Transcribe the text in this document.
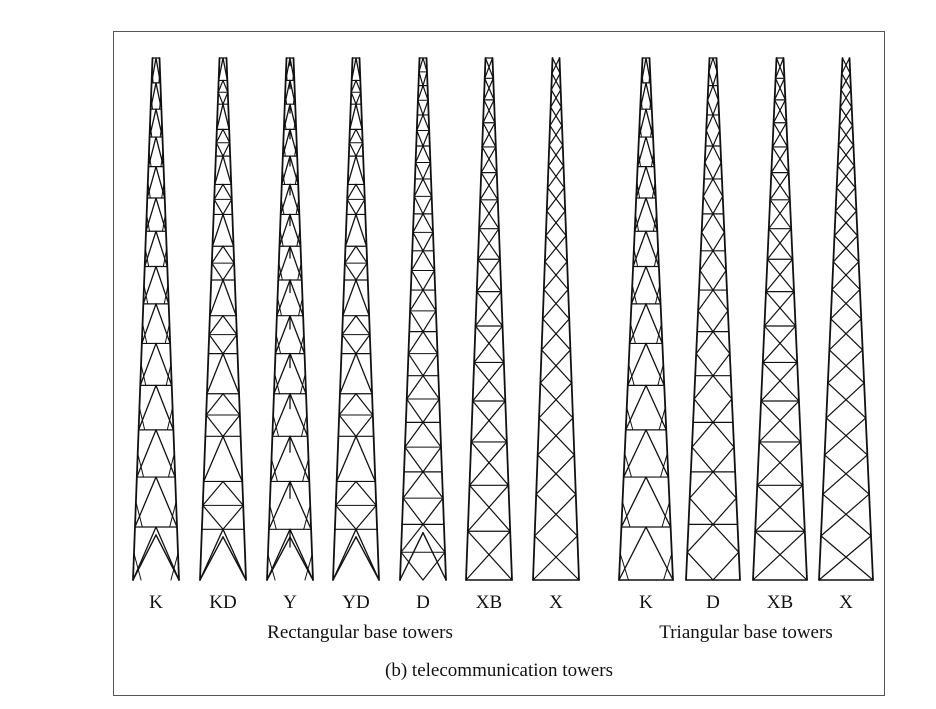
K KD Y YD D XB X	K	D XB X
Rectangular base towers	Triangular base towers
(b) telecommunication towers
